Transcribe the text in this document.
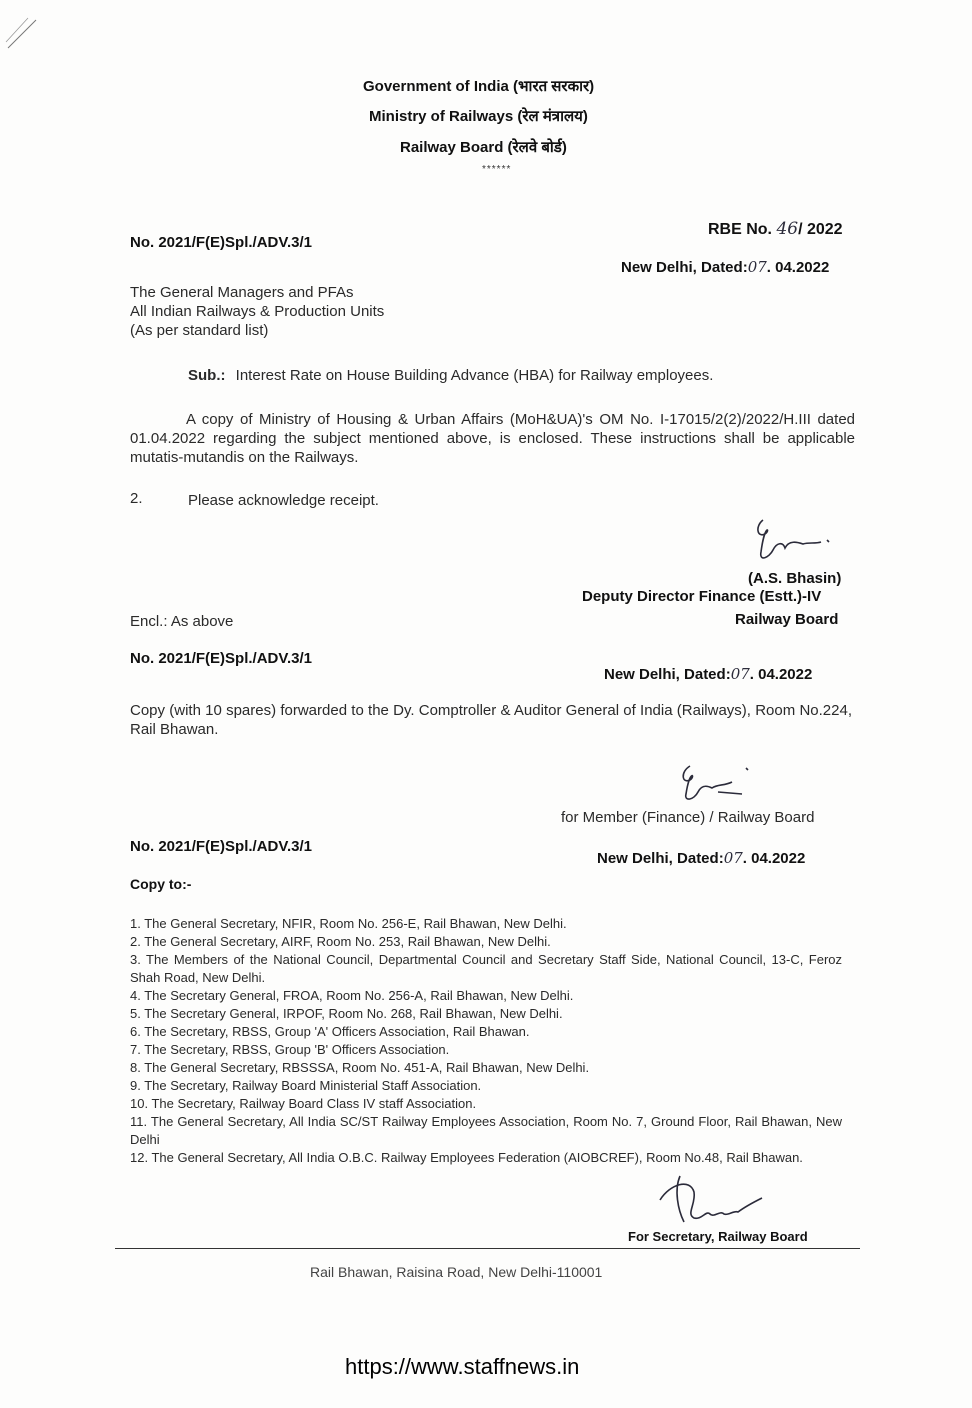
Government of India (भारत सरकार)
Ministry of Railways (रेल मंत्रालय)
Railway Board (रेलवे बोर्ड)
******
RBE No. 46/ 2022
No. 2021/F(E)Spl./ADV.3/1
New Delhi, Dated:07. 04.2022
The General Managers and PFAs
All Indian Railways & Production Units
(As per standard list)
Sub.: Interest Rate on House Building Advance (HBA) for Railway employees.
A copy of Ministry of Housing & Urban Affairs (MoH&UA)'s OM No. I-17015/2(2)/2022/H.III dated 01.04.2022 regarding the subject mentioned above, is enclosed. These instructions shall be applicable mutatis-mutandis on the Railways.
2.	Please acknowledge receipt.
(A.S. Bhasin)
Deputy Director Finance (Estt.)-IV
Railway Board
Encl.: As above
No. 2021/F(E)Spl./ADV.3/1
New Delhi, Dated:07. 04.2022
Copy (with 10 spares) forwarded to the Dy. Comptroller & Auditor General of India (Railways), Room No.224, Rail Bhawan.
for Member (Finance) / Railway Board
No. 2021/F(E)Spl./ADV.3/1
New Delhi, Dated:07. 04.2022
Copy to:-
1. The General Secretary, NFIR, Room No. 256-E, Rail Bhawan, New Delhi.
2. The General Secretary, AIRF, Room No. 253, Rail Bhawan, New Delhi.
3. The Members of the National Council, Departmental Council and Secretary Staff Side, National Council, 13-C, Feroz Shah Road, New Delhi.
4. The Secretary General, FROA, Room No. 256-A, Rail Bhawan, New Delhi.
5. The Secretary General, IRPOF, Room No. 268, Rail Bhawan, New Delhi.
6. The Secretary, RBSS, Group 'A' Officers Association, Rail Bhawan.
7. The Secretary, RBSS, Group 'B' Officers Association.
8. The General Secretary, RBSSSA, Room No. 451-A, Rail Bhawan, New Delhi.
9. The Secretary, Railway Board Ministerial Staff Association.
10. The Secretary, Railway Board Class IV staff Association.
11. The General Secretary, All India SC/ST Railway Employees Association, Room No. 7, Ground Floor, Rail Bhawan, New Delhi
12. The General Secretary, All India O.B.C. Railway Employees Federation (AIOBCREF), Room No.48, Rail Bhawan.
For Secretary, Railway Board
Rail Bhawan, Raisina Road, New Delhi-110001
https://www.staffnews.in
